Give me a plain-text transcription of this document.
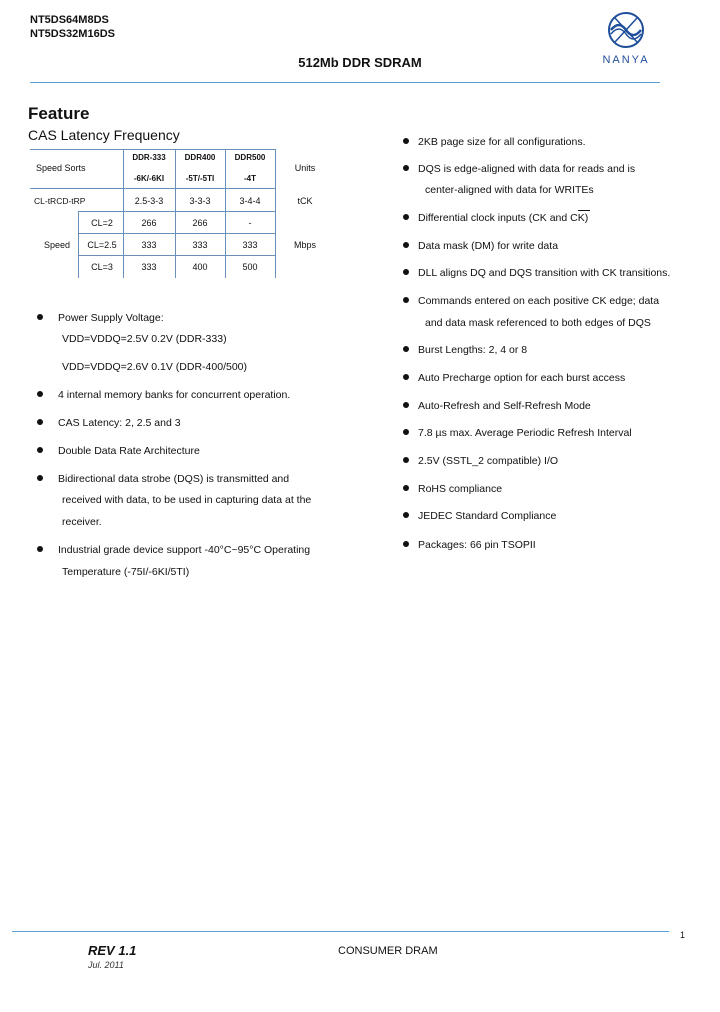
NT5DS64M8DS
NT5DS32M16DS
NANYA
512Mb DDR SDRAM
Feature
CAS Latency Frequency
Speed Sorts	Units
DDR-333	DDR400	DDR500
-6K/-6KI	-5T/-5TI	-4T
CL-tRCD-tRP	2.5-3-3	3-3-3	3-4-4	tCK
Speed	Mbps
CL=2	266	266	-
CL=2.5	333	333	333
CL=3	333	400	500
Power Supply Voltage:
VDD=VDDQ=2.5V 0.2V (DDR-333)
VDD=VDDQ=2.6V 0.1V (DDR-400/500)
4 internal memory banks for concurrent operation.
CAS Latency: 2, 2.5 and 3
Double Data Rate Architecture
Bidirectional data strobe (DQS) is transmitted and
received with data, to be used in capturing data at the
receiver.
Industrial grade device support -40°C~95°C Operating
Temperature (-75I/-6KI/5TI)
2KB page size for all configurations.
DQS is edge-aligned with data for reads and is
center-aligned with data for WRITEs
Differential clock inputs (CK and CK)
Data mask (DM) for write data
DLL aligns DQ and DQS transition with CK transitions.
Commands entered on each positive CK edge; data
and data mask referenced to both edges of DQS
Burst Lengths: 2, 4 or 8
Auto Precharge option for each burst access
Auto-Refresh and Self-Refresh Mode
7.8 µs max. Average Periodic Refresh Interval
2.5V (SSTL_2 compatible) I/O
RoHS compliance
JEDEC Standard Compliance
Packages: 66 pin TSOPII
1
REV 1.1
Jul. 2011
CONSUMER DRAM
